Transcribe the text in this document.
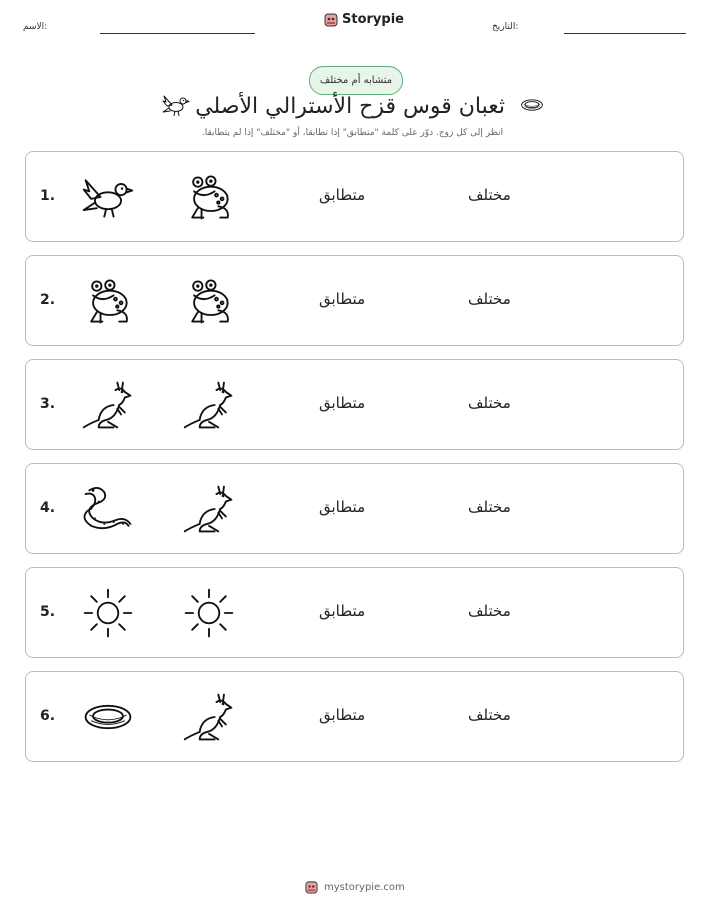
الاسم:	Storypie	التاريخ:
متشابه أم مختلف
ثعبان قوس قزح الأسترالي الأصلي
انظر إلى كل زوج. دوّر على كلمة "متطابق" إذا تطابقا، أو "مختلف" إذا لم يتطابقا.
1.	متطابق	مختلف
2.	متطابق	مختلف
3.	متطابق	مختلف
4.	متطابق	مختلف
5.	متطابق	مختلف
6.	متطابق	مختلف
mystorypie.com
